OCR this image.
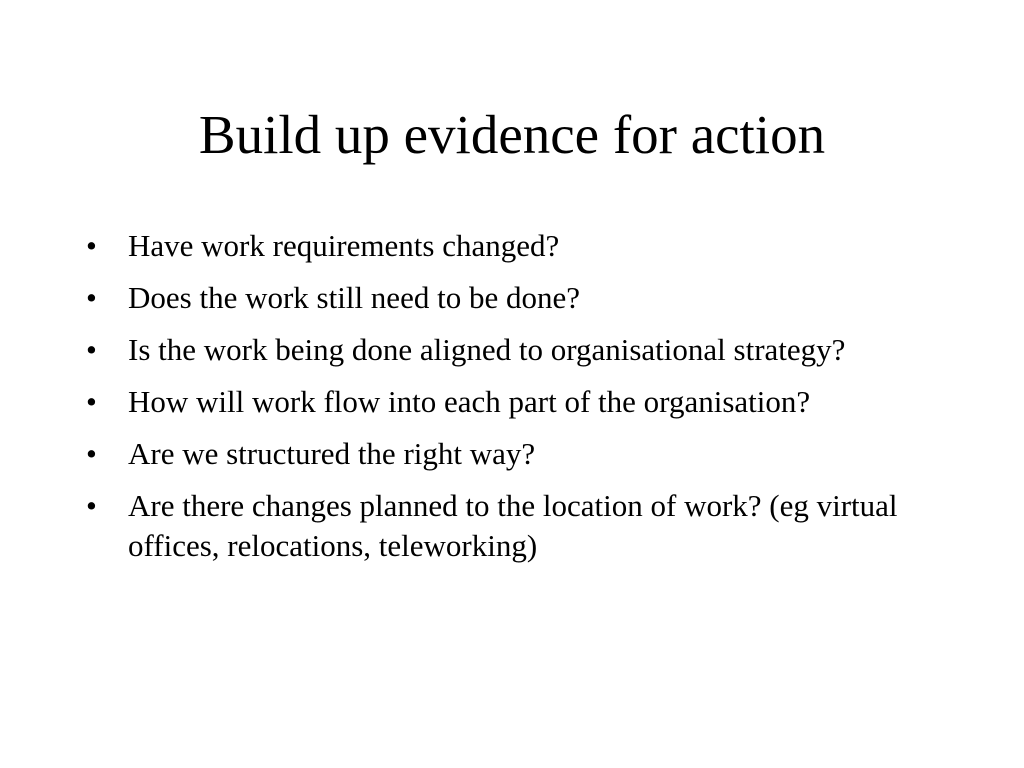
Build up evidence for action
•	Have work requirements changed?
•	Does the work still need to be done?
•	Is the work being done aligned to organisational strategy?
•	How will work flow into each part of the organisation?
•	Are we structured the right way?
•	Are there changes planned to the location of work? (eg virtual offices, relocations, teleworking)
